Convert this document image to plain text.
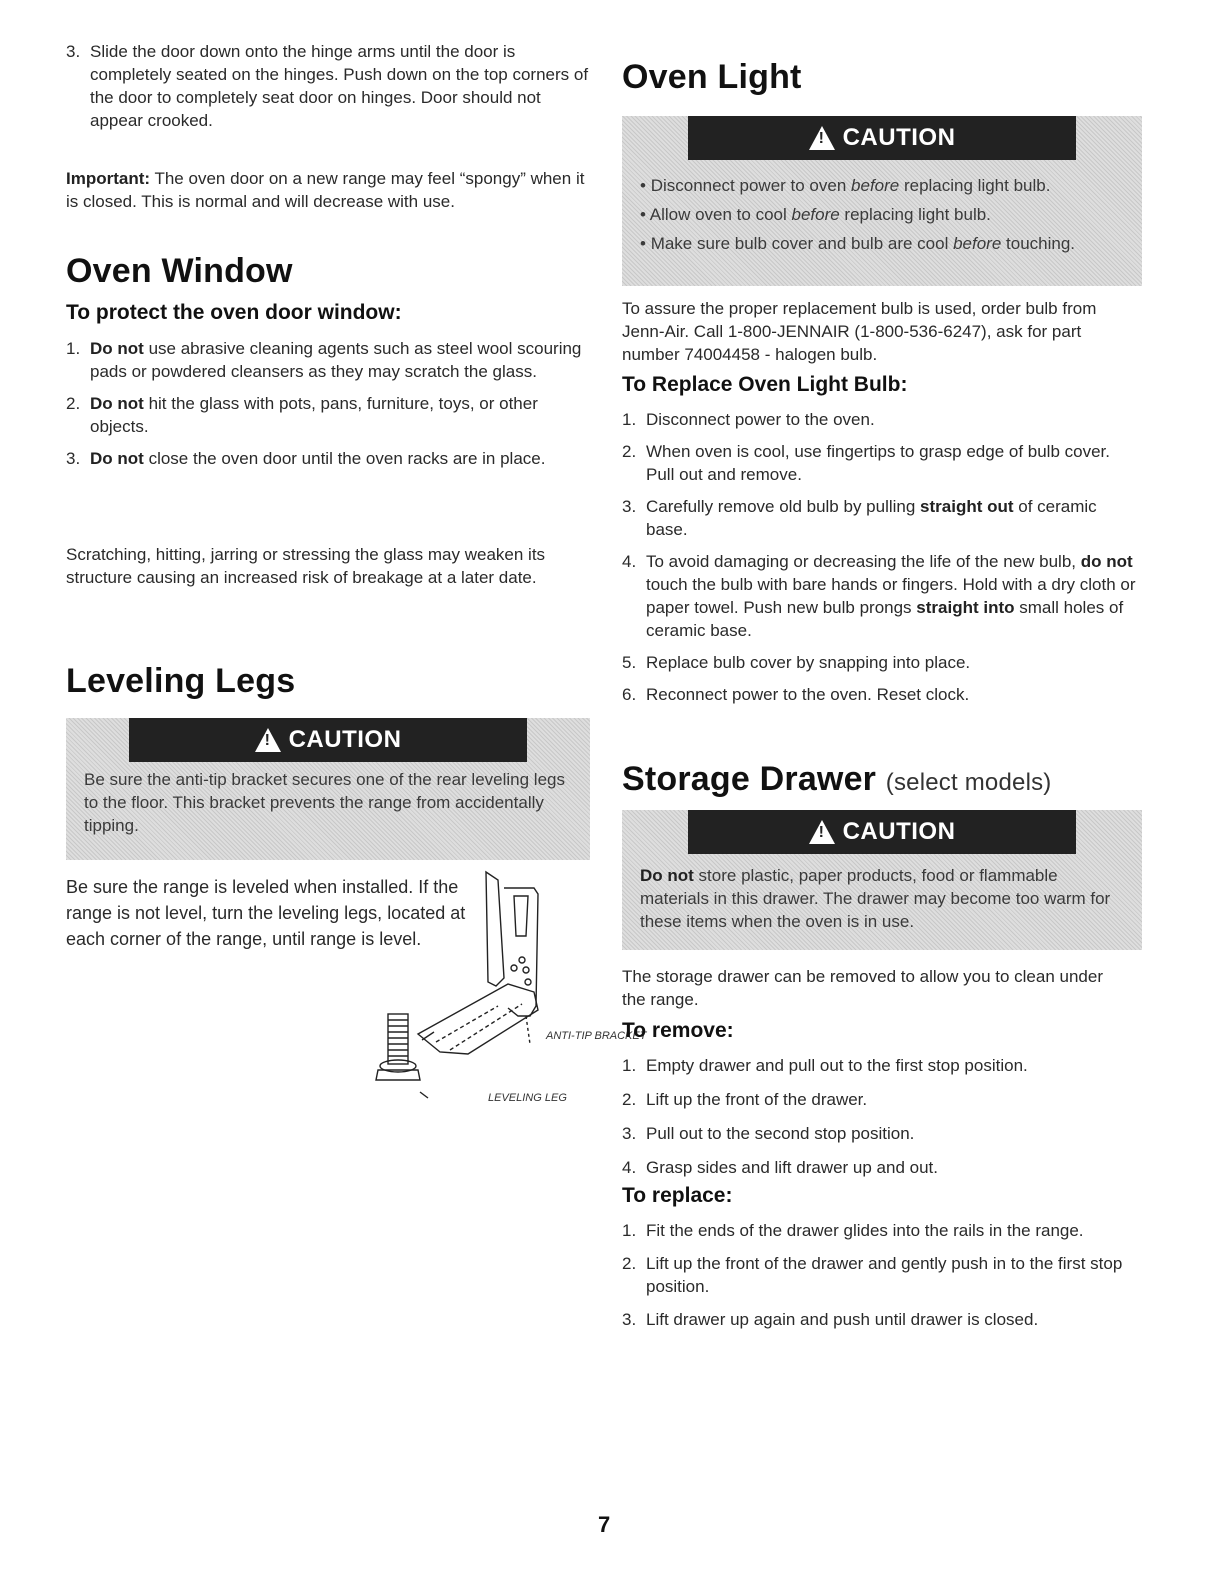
3. Slide the door down onto the hinge arms until the door is completely seated on the hinges. Push down on the top corners of the door to completely seat door on hinges. Door should not appear crooked.

Important: The oven door on a new range may feel “spongy” when it is closed. This is normal and will decrease with use.

Oven Window
To protect the oven door window:
1. Do not use abrasive cleaning agents such as steel wool scouring pads or powdered cleansers as they may scratch the glass.
2. Do not hit the glass with pots, pans, furniture, toys, or other objects.
3. Do not close the oven door until the oven racks are in place.

Scratching, hitting, jarring or stressing the glass may weaken its structure causing an increased risk of breakage at a later date.

Leveling Legs
!
CAUTION

Be sure the anti-tip bracket secures one of the rear leveling legs to the floor. This bracket prevents the range from accidentally tipping.

Be sure the range is leveled when installed. If the range is not level, turn the leveling legs, located at each corner of the range, until range is level.

ANTI-TIP BRACKET
LEVELING LEG
Oven Light
!
CAUTION

• Disconnect power to oven before replacing light bulb.

• Allow oven to cool before replacing light bulb.

• Make sure bulb cover and bulb are cool before touching.

To assure the proper replacement bulb is used, order bulb from Jenn-Air. Call 1-800-JENNAIR (1-800-536-6247), ask for part number 74004458 - halogen bulb.

To Replace Oven Light Bulb:
1. Disconnect power to the oven.
2. When oven is cool, use fingertips to grasp edge of bulb cover. Pull out and remove.
3. Carefully remove old bulb by pulling straight out of ceramic base.
4. To avoid damaging or decreasing the life of the new bulb, do not touch the bulb with bare hands or fingers. Hold with a dry cloth or paper towel. Push new bulb prongs straight into small holes of ceramic base.
5. Replace bulb cover by snapping into place.
6. Reconnect power to the oven. Reset clock.
Storage Drawer (select models)
!
CAUTION

Do not store plastic, paper products, food or flammable materials in this drawer. The drawer may become too warm for these items when the oven is in use.

The storage drawer can be removed to allow you to clean under the range.

To remove:
1. Empty drawer and pull out to the first stop position.
2. Lift up the front of the drawer.
3. Pull out to the second stop position.
4. Grasp sides and lift drawer up and out.
To replace:
1. Fit the ends of the drawer glides into the rails in the range.
2. Lift up the front of the drawer and gently push in to the first stop position.
3. Lift drawer up again and push until drawer is closed.
7
